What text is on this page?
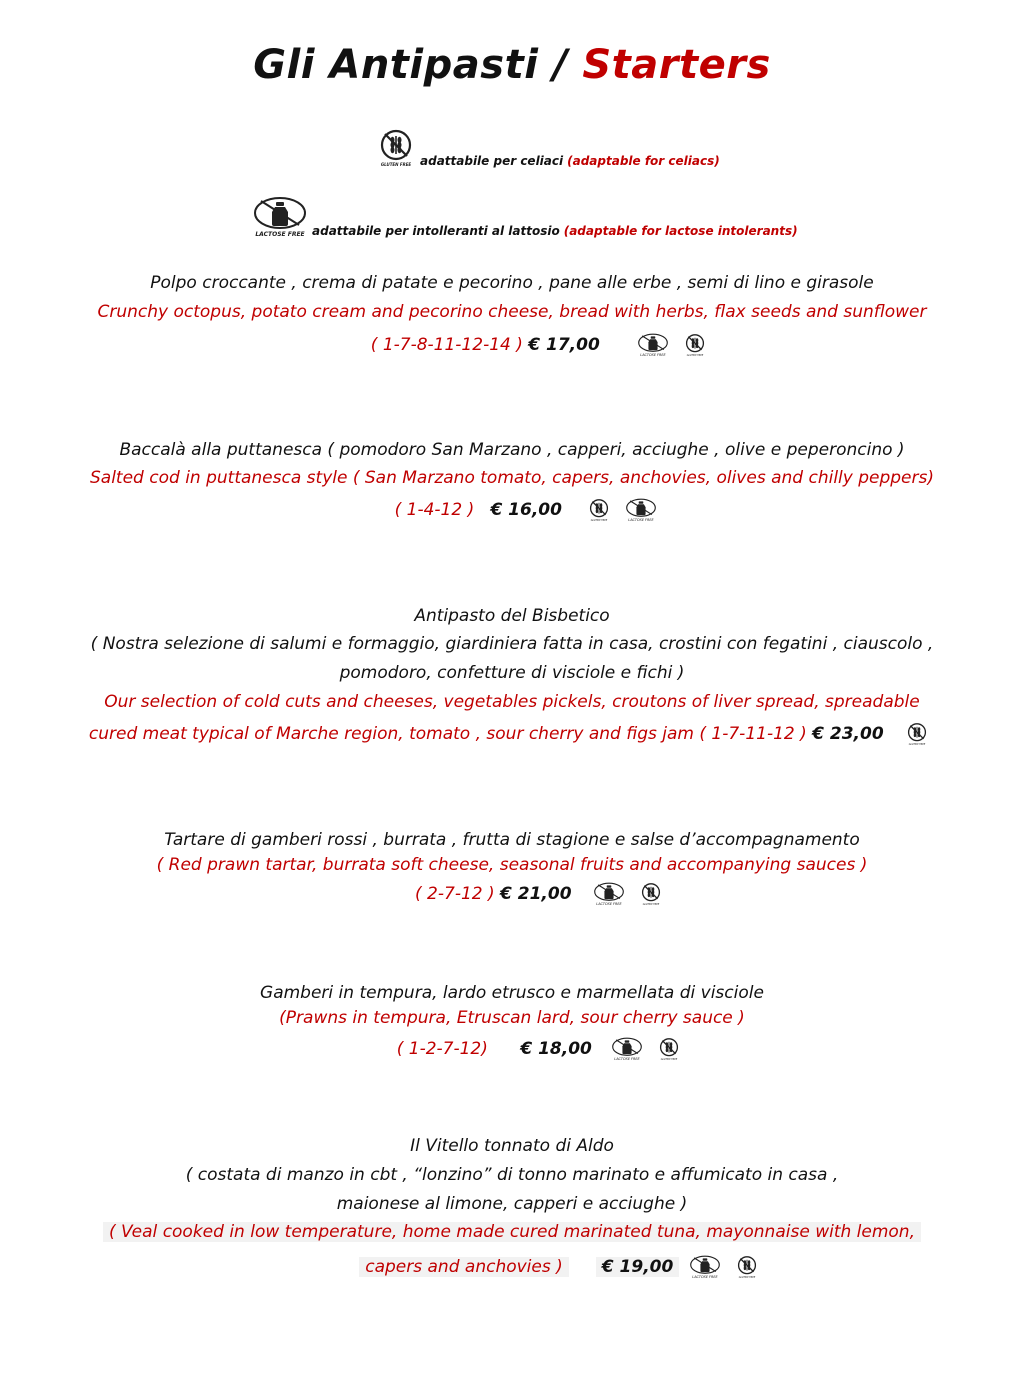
Gli Antipasti / Starters
adattabile per celiaci (adaptable for celiacs)
adattabile per intolleranti al lattosio (adaptable for lactose intolerants)
Polpo croccante , crema di patate e pecorino , pane alle erbe , semi di lino e girasole
Crunchy octopus, potato cream and pecorino cheese, bread with herbs, flax seeds and sunflower
( 1-7-8-11-12-14 ) € 17,00
Baccalà alla puttanesca ( pomodoro San Marzano , capperi, acciughe , olive e peperoncino )
Salted cod in puttanesca style ( San Marzano tomato, capers, anchovies, olives and chilly peppers)
( 1-4-12 ) € 16,00
Antipasto del Bisbetico
( Nostra selezione di salumi e formaggio, giardiniera fatta in casa, crostini con fegatini , ciauscolo ,
pomodoro, confetture di visciole e fichi )
Our selection of cold cuts and cheeses, vegetables pickels, croutons of liver spread, spreadable
cured meat typical of Marche region, tomato , sour cherry and figs jam ( 1-7-11-12 ) € 23,00
Tartare di gamberi rossi , burrata , frutta di stagione e salse d’accompagnamento
( Red prawn tartar, burrata soft cheese, seasonal fruits and accompanying sauces )
( 2-7-12 ) € 21,00
Gamberi in tempura, lardo etrusco e marmellata di visciole
(Prawns in tempura, Etruscan lard, sour cherry sauce )
( 1-2-7-12) € 18,00
Il Vitello tonnato di Aldo
( costata di manzo in cbt , “lonzino” di tonno marinato e affumicato in casa ,
maionese al limone, capperi e acciughe )
( Veal cooked in low temperature, home made cured marinated tuna, mayonnaise with lemon,
capers and anchovies ) € 19,00
